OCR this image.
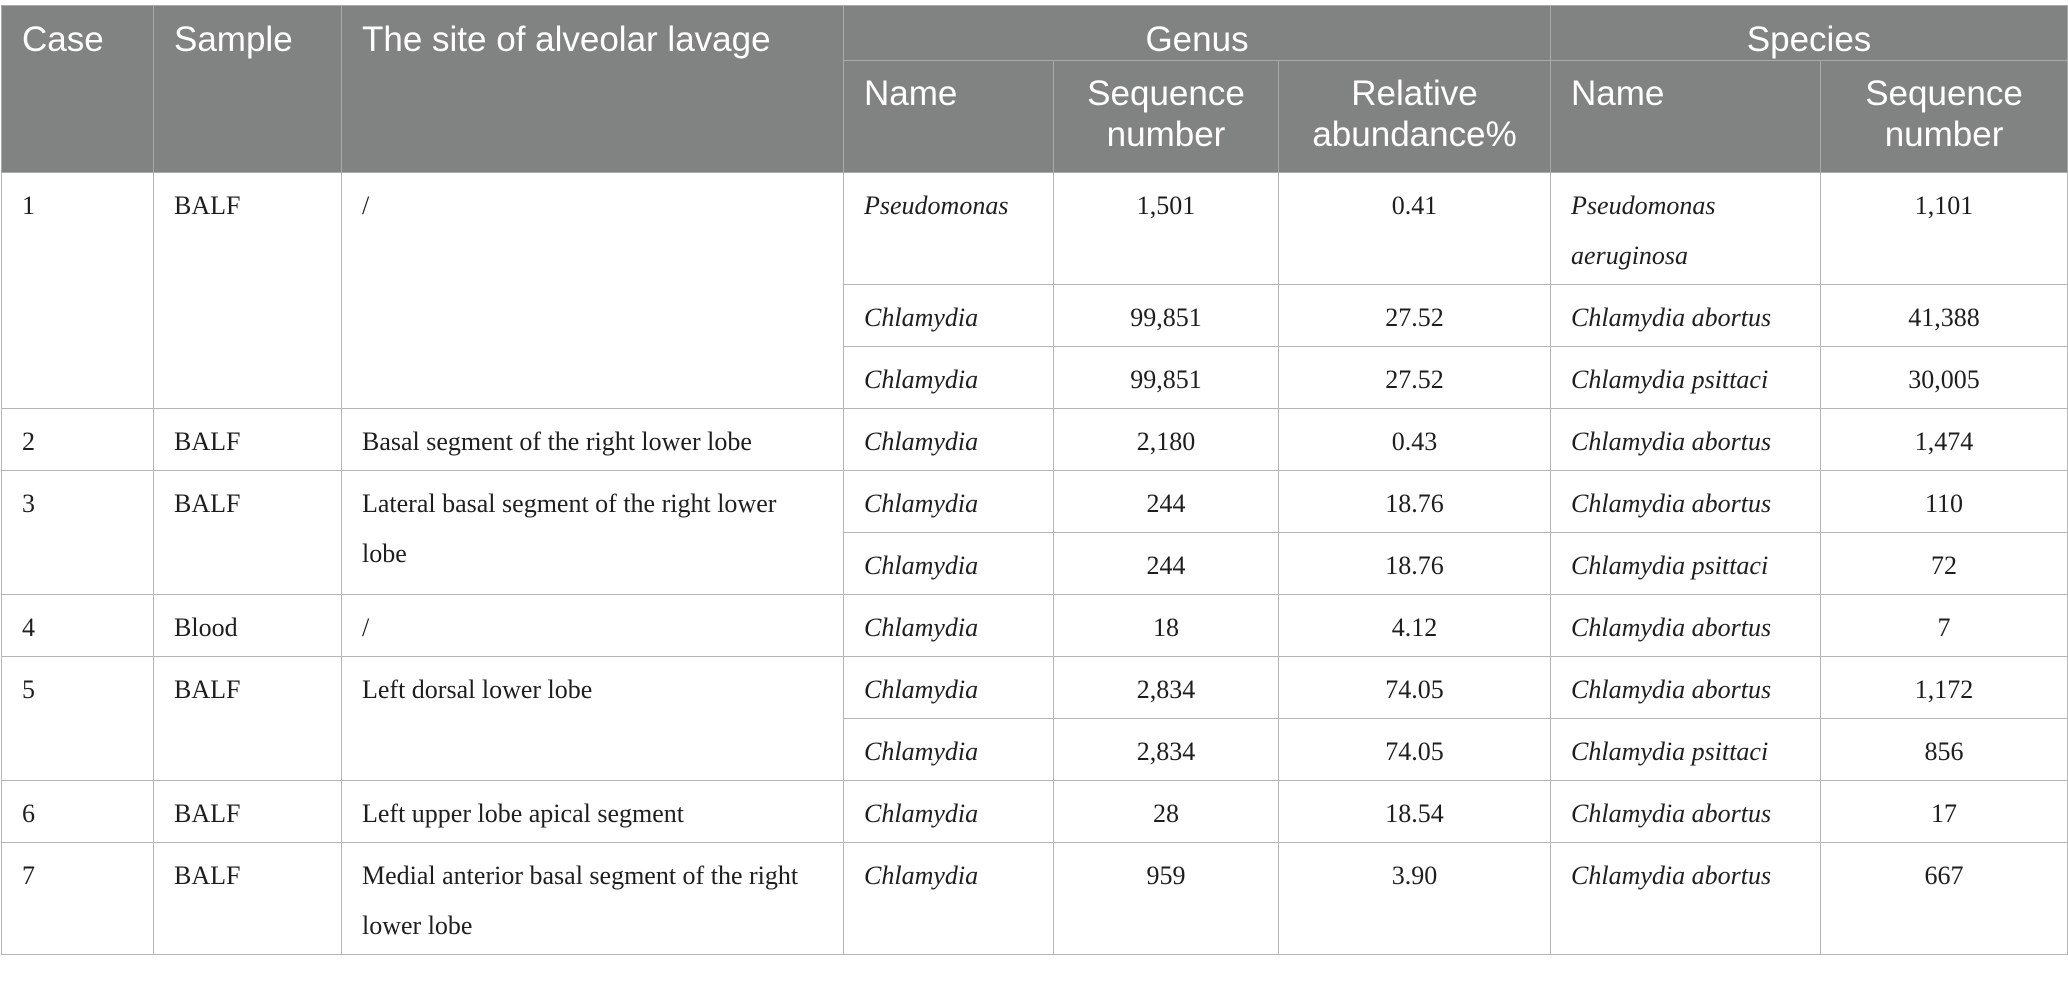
Case	Sample	The site of alveolar lavage	Genus			Species	
			Name	Sequence number	Relative abundance%	Name	Sequence number
1	BALF	/	Pseudomonas	1,501	0.41	Pseudomonas aeruginosa	1,101
			Chlamydia	99,851	27.52	Chlamydia abortus	41,388
			Chlamydia	99,851	27.52	Chlamydia psittaci	30,005
2	BALF	Basal segment of the right lower lobe	Chlamydia	2,180	0.43	Chlamydia abortus	1,474
3	BALF	Lateral basal segment of the right lower lobe	Chlamydia	244	18.76	Chlamydia abortus	110
			Chlamydia	244	18.76	Chlamydia psittaci	72
4	Blood	/	Chlamydia	18	4.12	Chlamydia abortus	7
5	BALF	Left dorsal lower lobe	Chlamydia	2,834	74.05	Chlamydia abortus	1,172
			Chlamydia	2,834	74.05	Chlamydia psittaci	856
6	BALF	Left upper lobe apical segment	Chlamydia	28	18.54	Chlamydia abortus	17
7	BALF	Medial anterior basal segment of the right lower lobe	Chlamydia	959	3.90	Chlamydia abortus	667
